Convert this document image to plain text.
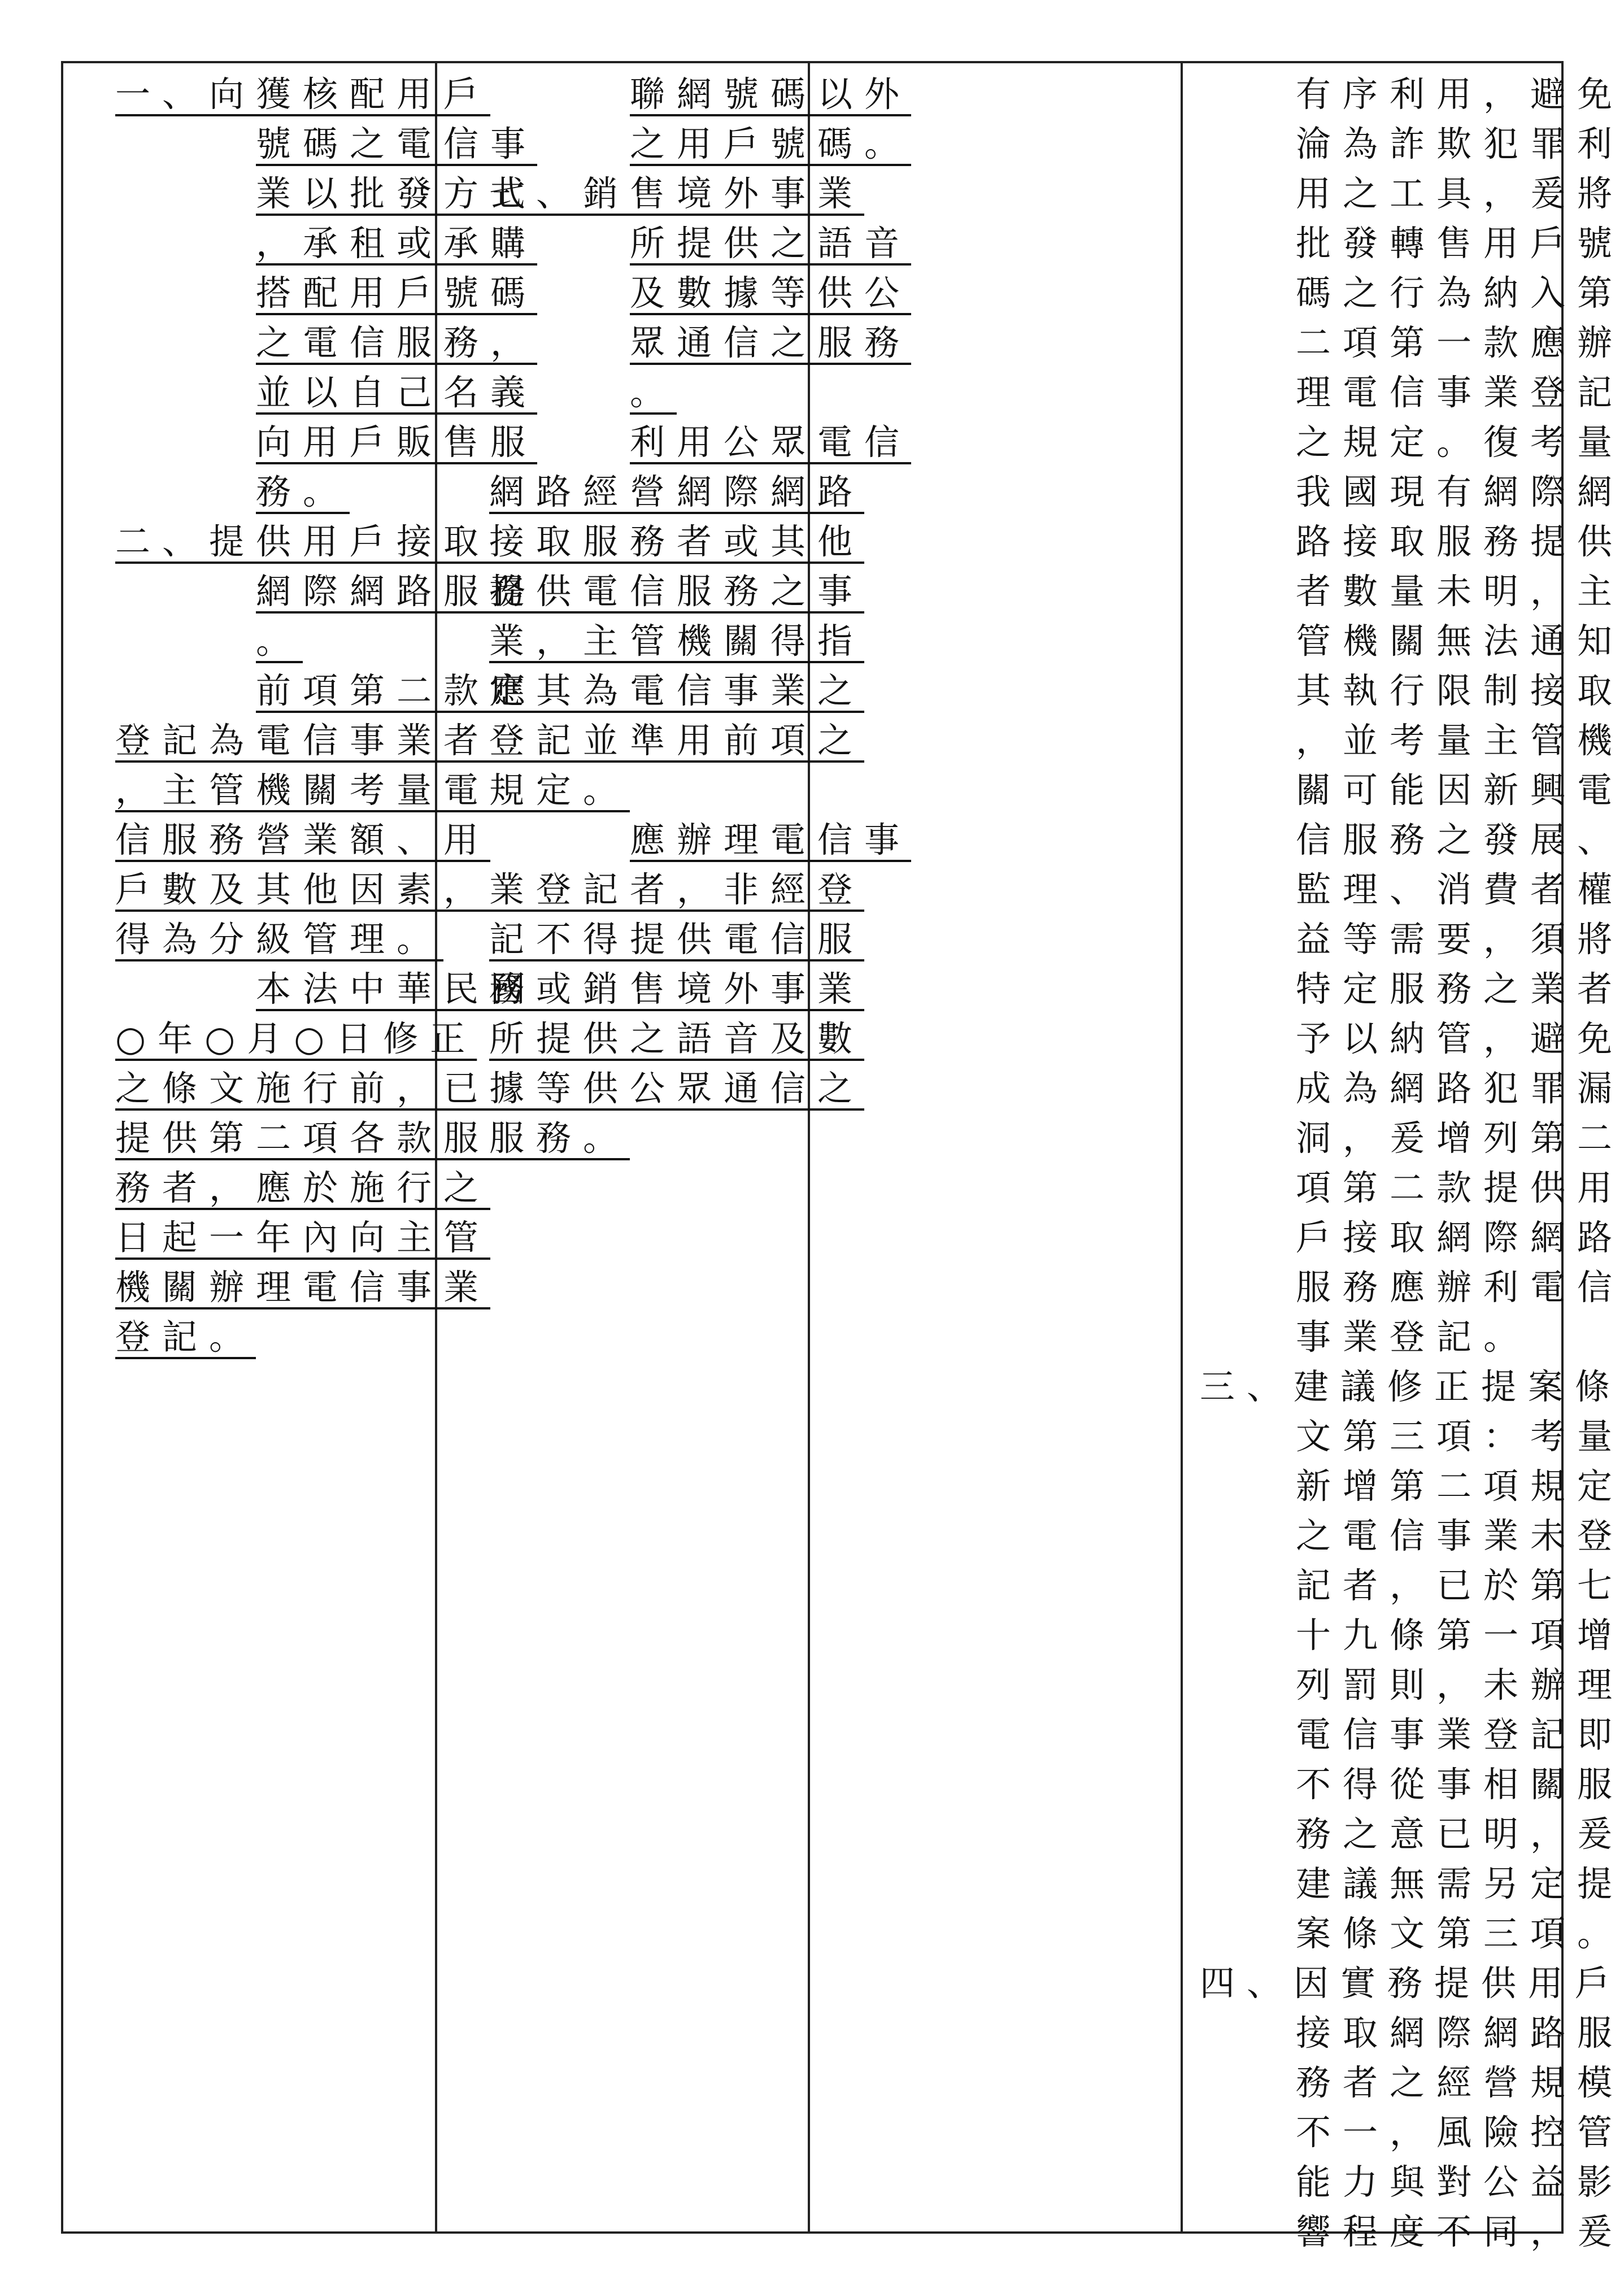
一、向獲核配用戶
號碼之電信事
業以批發方式
，承租或承購
搭配用戶號碼
之電信服務，
並以自己名義
向用戶販售服
務。
二、提供用戶接取
網際網路服務
。
前項第二款應
登記為電信事業者
，主管機關考量電
信服務營業額、用
戶數及其他因素，
得為分級管理。
本法中華民國
○年○月○日修正
之條文施行前，已
提供第二項各款服
務者，應於施行之
日起一年內向主管
機關辦理電信事業
登記。
聯網號碼以外
之用戶號碼。
七、銷售境外事業
所提供之語音
及數據等供公
眾通信之服務
。
利用公眾電信
網路經營網際網路
接取服務者或其他
提供電信服務之事
業，主管機關得指
定其為電信事業之
登記並準用前項之
規定。
應辦理電信事
業登記者，非經登
記不得提供電信服
務或銷售境外事業
所提供之語音及數
據等供公眾通信之
服務。
有序利用，避免
淪為詐欺犯罪利
用之工具，爰將
批發轉售用戶號
碼之行為納入第
二項第一款應辦
理電信事業登記
之規定。復考量
我國現有網際網
路接取服務提供
者數量未明，主
管機關無法通知
其執行限制接取
，並考量主管機
關可能因新興電
信服務之發展、
監理、消費者權
益等需要，須將
特定服務之業者
予以納管，避免
成為網路犯罪漏
洞，爰增列第二
項第二款提供用
戶接取網際網路
服務應辦利電信
事業登記。
三、建議修正提案條
文第三項：考量
新增第二項規定
之電信事業未登
記者，已於第七
十九條第一項增
列罰則，未辦理
電信事業登記即
不得從事相關服
務之意已明，爰
建議無需另定提
案條文第三項。
四、因實務提供用戶
接取網際網路服
務者之經營規模
不一，風險控管
能力與對公益影
響程度不同，爰
